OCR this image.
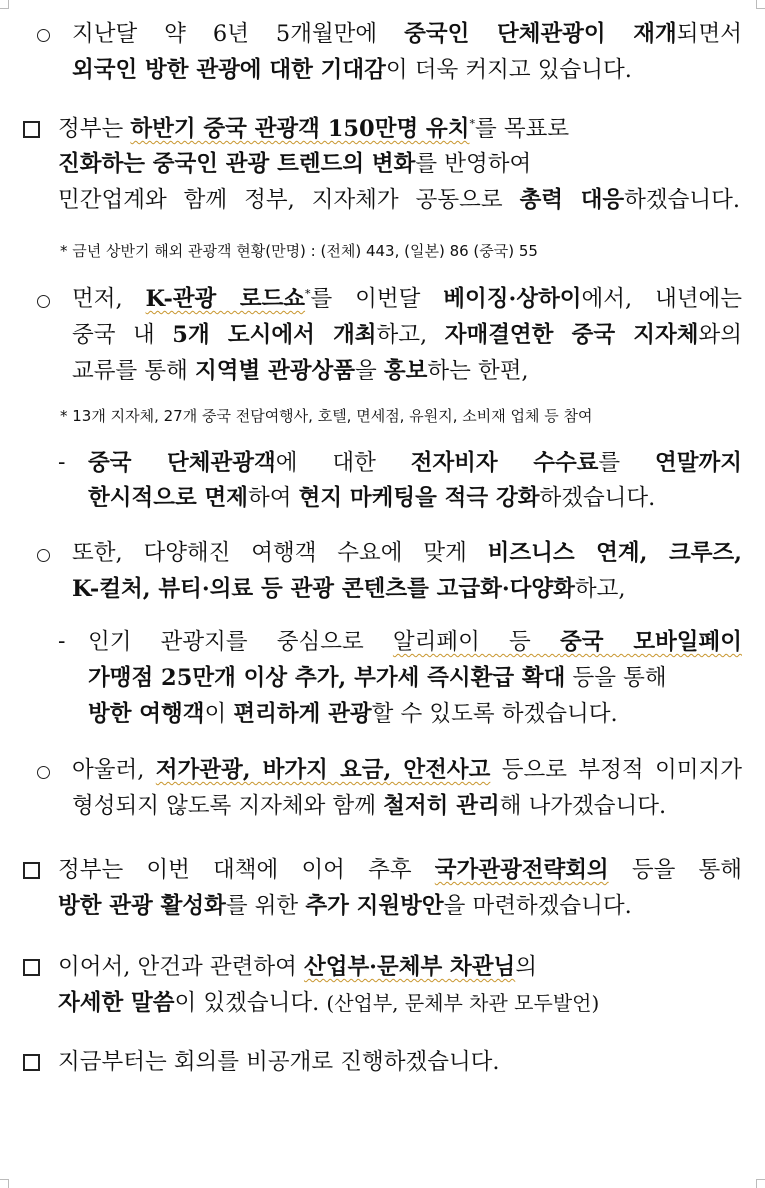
지난달 약 6년 5개월만에 중국인 단체관광이 재개되면서
외국인 방한 관광에 대한 기대감이 더욱 커지고 있습니다.
정부는 하반기 중국 관광객 150만명 유치*를 목표로
진화하는 중국인 관광 트렌드의 변화를 반영하여
민간업계와 함께 정부, 지자체가 공동으로 총력 대응하겠습니다.
* 금년 상반기 해외 관광객 현황(만명) : (전체) 443, (일본) 86 (중국) 55
먼저, K-관광 로드쇼*를 이번달 베이징·상하이에서, 내년에는
중국 내 5개 도시에서 개최하고, 자매결연한 중국 지자체와의
교류를 통해 지역별 관광상품을 홍보하는 한편,
* 13개 지자체, 27개 중국 전담여행사, 호텔, 면세점, 유원지, 소비재 업체 등 참여
- 중국 단체관광객에 대한 전자비자 수수료를 연말까지
한시적으로 면제하여 현지 마케팅을 적극 강화하겠습니다.
또한, 다양해진 여행객 수요에 맞게 비즈니스 연계, 크루즈,
K-컬처, 뷰티·의료 등 관광 콘텐츠를 고급화·다양화하고,
- 인기 관광지를 중심으로 알리페이 등 중국 모바일페이
가맹점 25만개 이상 추가, 부가세 즉시환급 확대 등을 통해
방한 여행객이 편리하게 관광할 수 있도록 하겠습니다.
아울러, 저가관광, 바가지 요금, 안전사고 등으로 부정적 이미지가
형성되지 않도록 지자체와 함께 철저히 관리해 나가겠습니다.
정부는 이번 대책에 이어 추후 국가관광전략회의 등을 통해
방한 관광 활성화를 위한 추가 지원방안을 마련하겠습니다.
이어서, 안건과 관련하여 산업부·문체부 차관님의
자세한 말씀이 있겠습니다. (산업부, 문체부 차관 모두발언)
지금부터는 회의를 비공개로 진행하겠습니다.
